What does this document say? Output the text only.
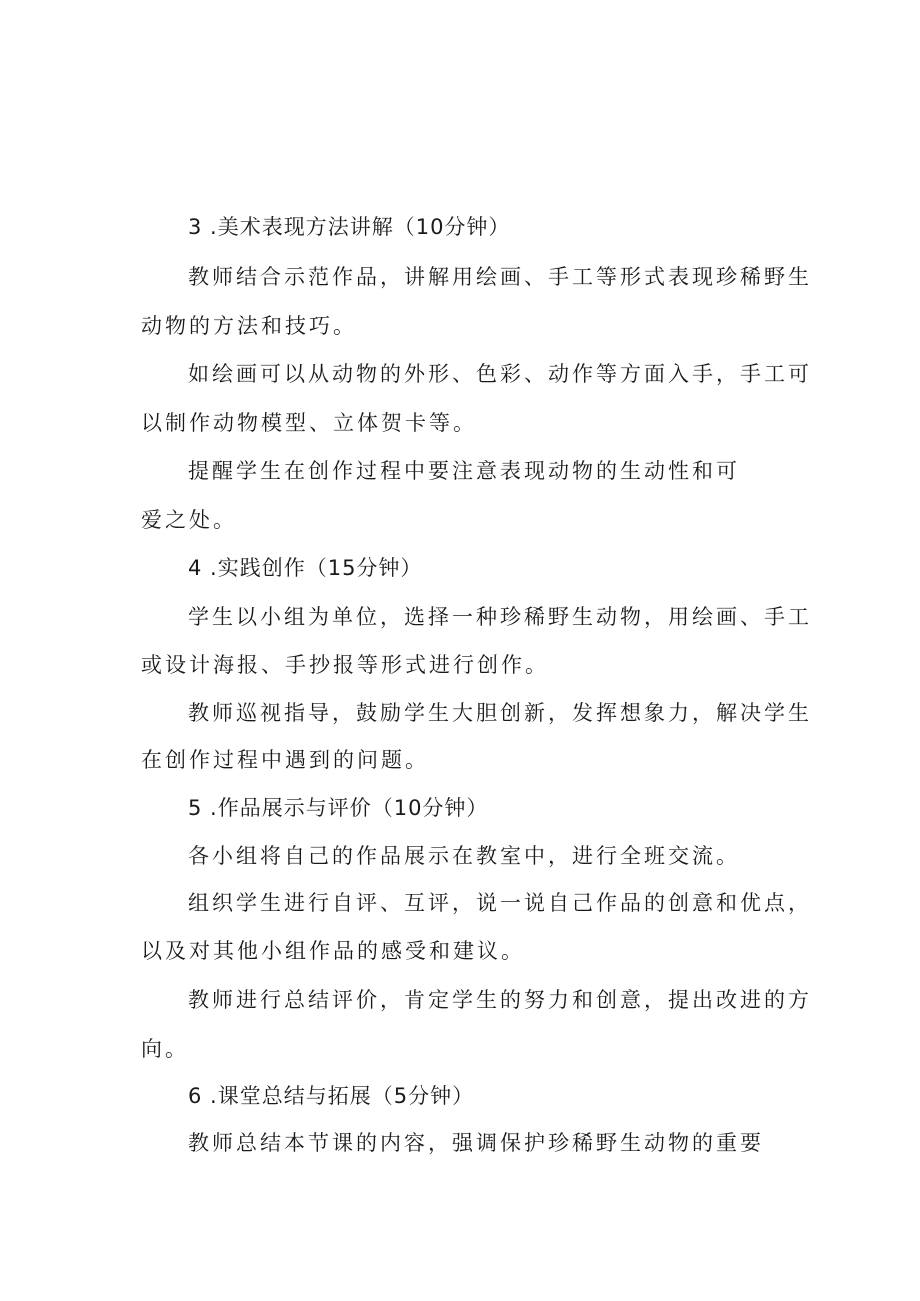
3 .美术表现方法讲解（10分钟）

教师结合示范作品，讲解用绘画、手工等形式表现珍稀野生

动物的方法和技巧。

如绘画可以从动物的外形、色彩、动作等方面入手，手工可

以制作动物模型、立体贺卡等。

提醒学生在创作过程中要注意表现动物的生动性和可

爱之处。

4 .实践创作（15分钟）

学生以小组为单位，选择一种珍稀野生动物，用绘画、手工

或设计海报、手抄报等形式进行创作。

教师巡视指导，鼓励学生大胆创新，发挥想象力，解决学生

在创作过程中遇到的问题。

5 .作品展示与评价（10分钟）

各小组将自己的作品展示在教室中，进行全班交流。

组织学生进行自评、互评，说一说自己作品的创意和优点，

以及对其他小组作品的感受和建议。

教师进行总结评价，肯定学生的努力和创意，提出改进的方

向。

6 .课堂总结与拓展（5分钟）

教师总结本节课的内容，强调保护珍稀野生动物的重要
